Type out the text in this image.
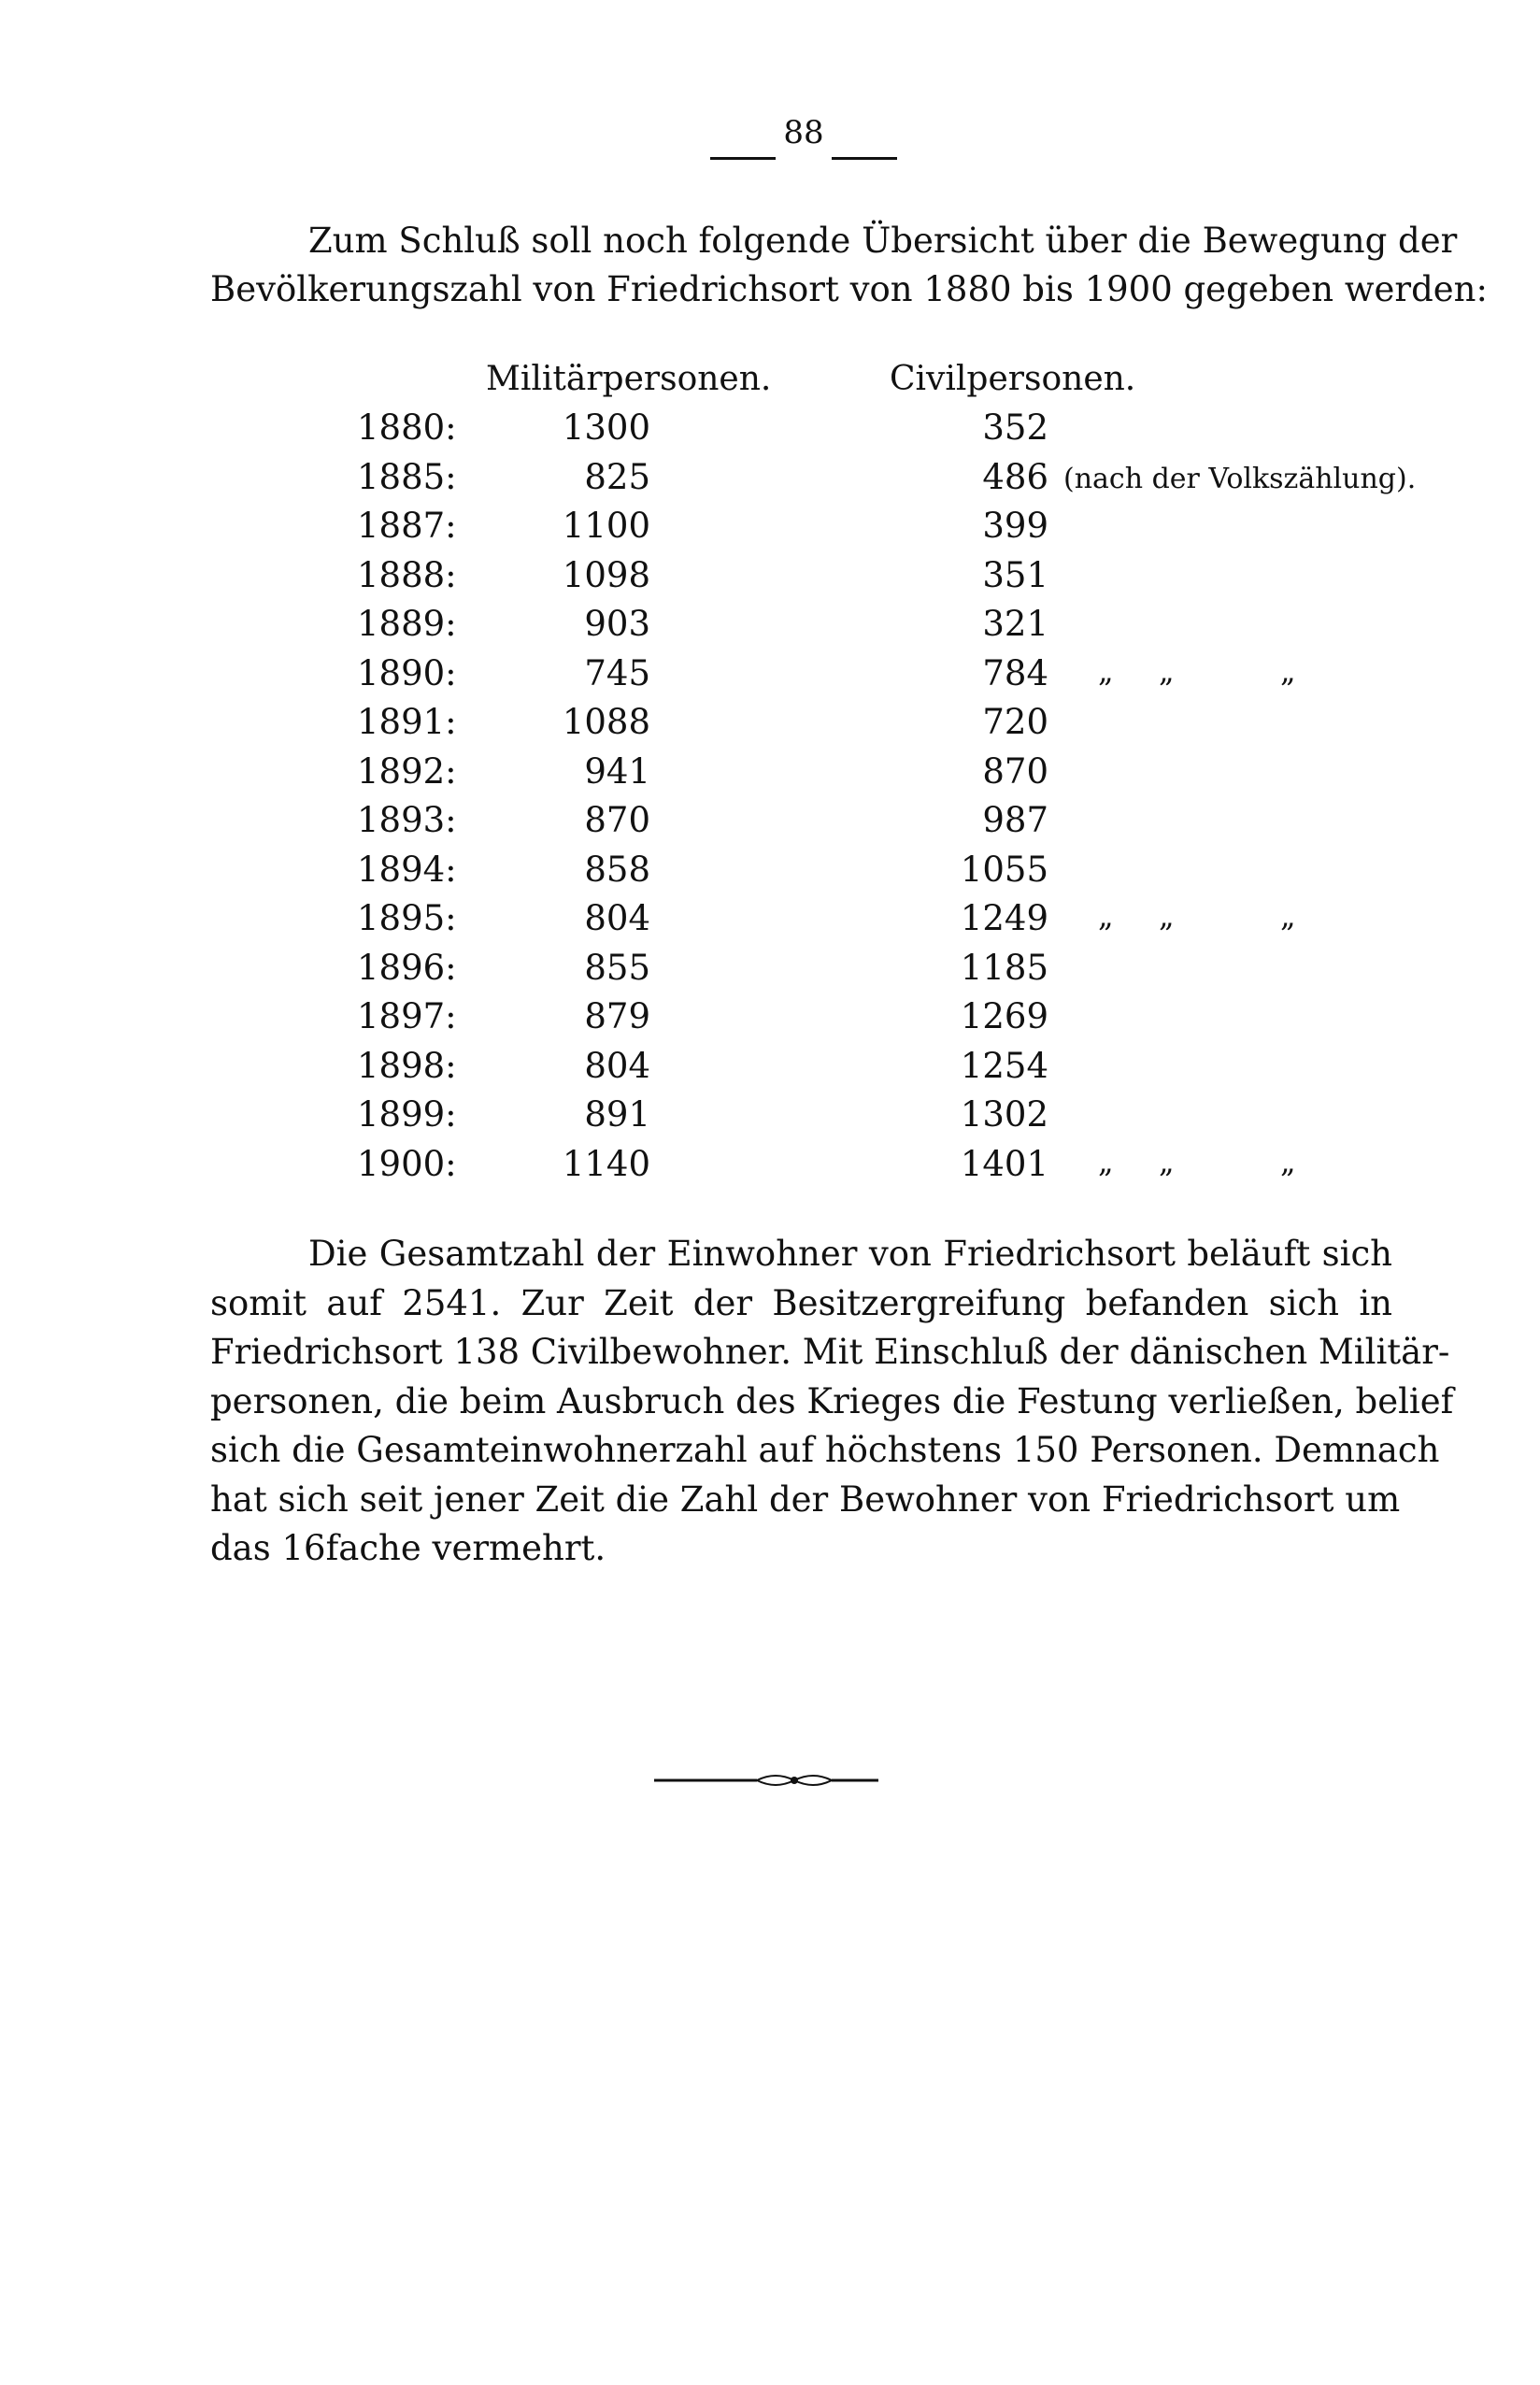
88
Zum Schluß soll noch folgende Übersicht über die Bewegung der
Bevölkerungszahl von Friedrichsort von 1880 bis 1900 gegeben werden:
Militärpersonen.	Civilpersonen.
1880:	1300	352
1885:	825	486 (nach der Volkszählung).
1887:	1100	399
1888:	1098	351
1889:	903	321
1890:	745	784 „ „	„
1891:	1088	720
1892:	941	870
1893:	870	987
1894:	858	1055
1895:	804	1249 „ „	„
1896:	855	1185
1897:	879	1269
1898:	804	1254
1899:	891	1302
1900:	1140	1401 „ „	„
Die Gesamtzahl der Einwohner von Friedrichsort beläuft sich
somit auf 2541. Zur Zeit der Besitzergreifung befanden sich in
Friedrichsort 138 Civilbewohner. Mit Einschluß der dänischen Militär-
personen, die beim Ausbruch des Krieges die Festung verließen, belief
sich die Gesamteinwohnerzahl auf höchstens 150 Personen. Demnach
hat sich seit jener Zeit die Zahl der Bewohner von Friedrichsort um
das 16fache vermehrt.
